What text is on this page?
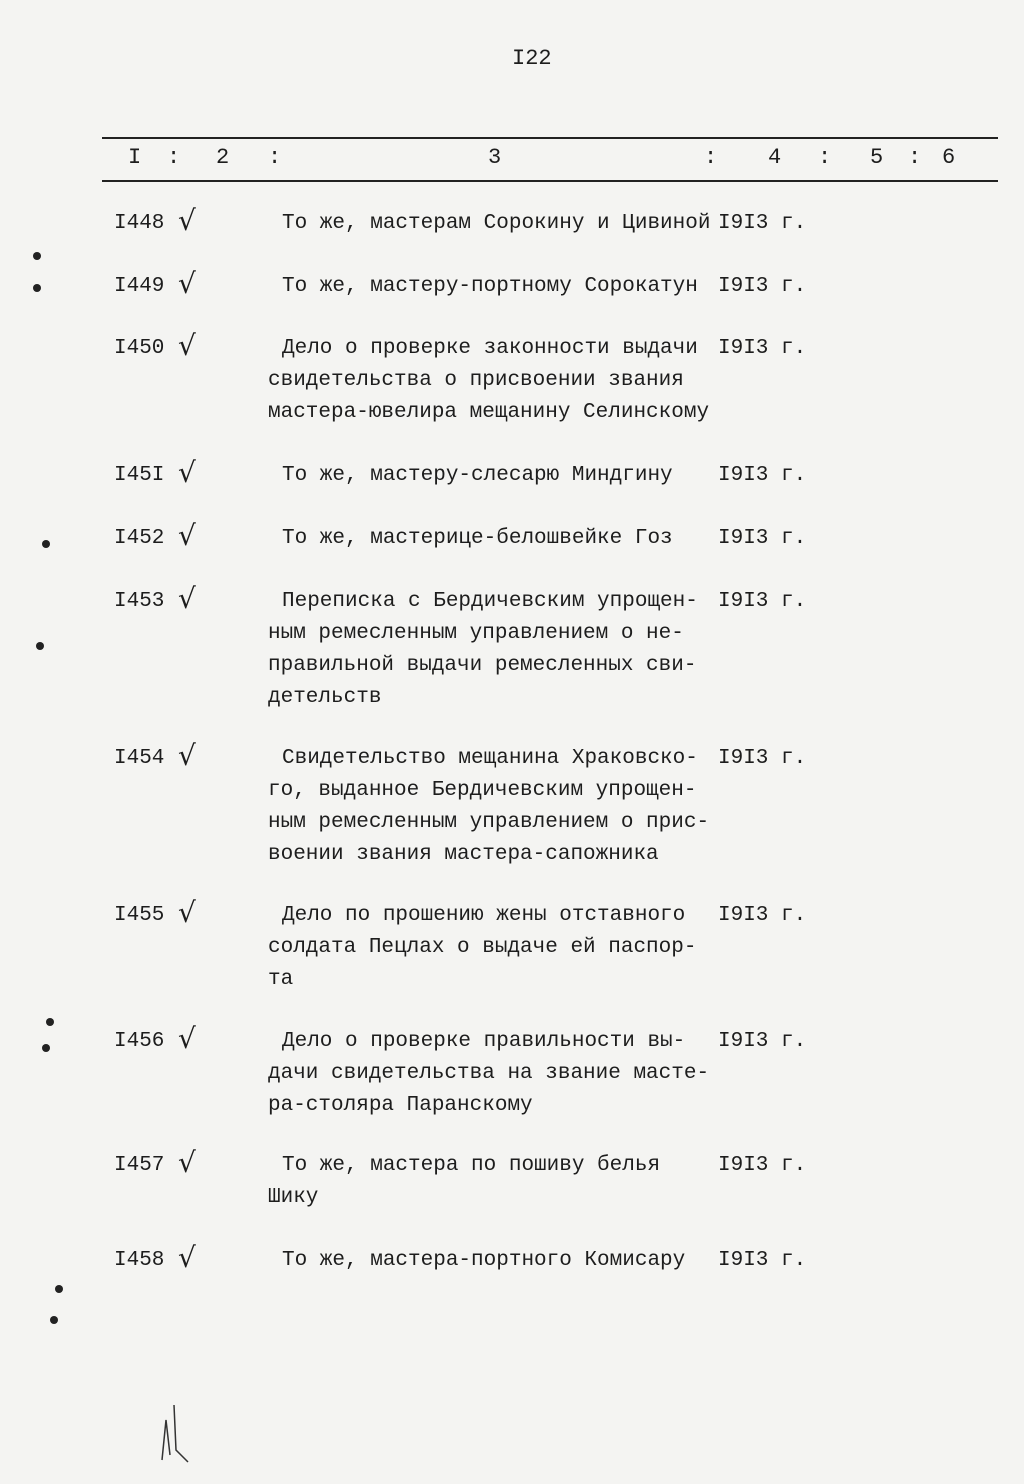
I22
I : 2 :	3	: 4 : 5 : 6
I448 √	То же, мастерам Сорокину и Цивиной I9I3 г.
I449 √	То же, мастеру-портному Сорокатун I9I3 г.
I450 √	Дело о проверке законности выдачи
свидетельства о присвоении звания
мастера-ювелира мещанину Селинскому
I9I3 г.
I45I √	То же, мастеру-слесарю Миндгину I9I3 г.
I452 √	То же, мастерице-белошвейке Гоз I9I3 г.
I453 √	Переписка с Бердичевским упрощен-
ным ремесленным управлением о не-
правильной выдачи ремесленных сви-
детельств
I9I3 г.
I454 √	Свидетельство мещанина Храковско-
го, выданное Бердичевским упрощен-
ным ремесленным управлением о прис-
воении звания мастера-сапожника
I9I3 г.
I455 √	Дело по прошению жены отставного
солдата Пецлах о выдаче ей паспор-
та
I9I3 г.
I456 √	Дело о проверке правильности вы-
дачи свидетельства на звание масте-
ра-столяра Паранскому
I9I3 г.
I457 √	То же, мастера по пошиву белья
Шику
I9I3 г.
I458 √	То же, мастера-портного Комисару I9I3 г.
